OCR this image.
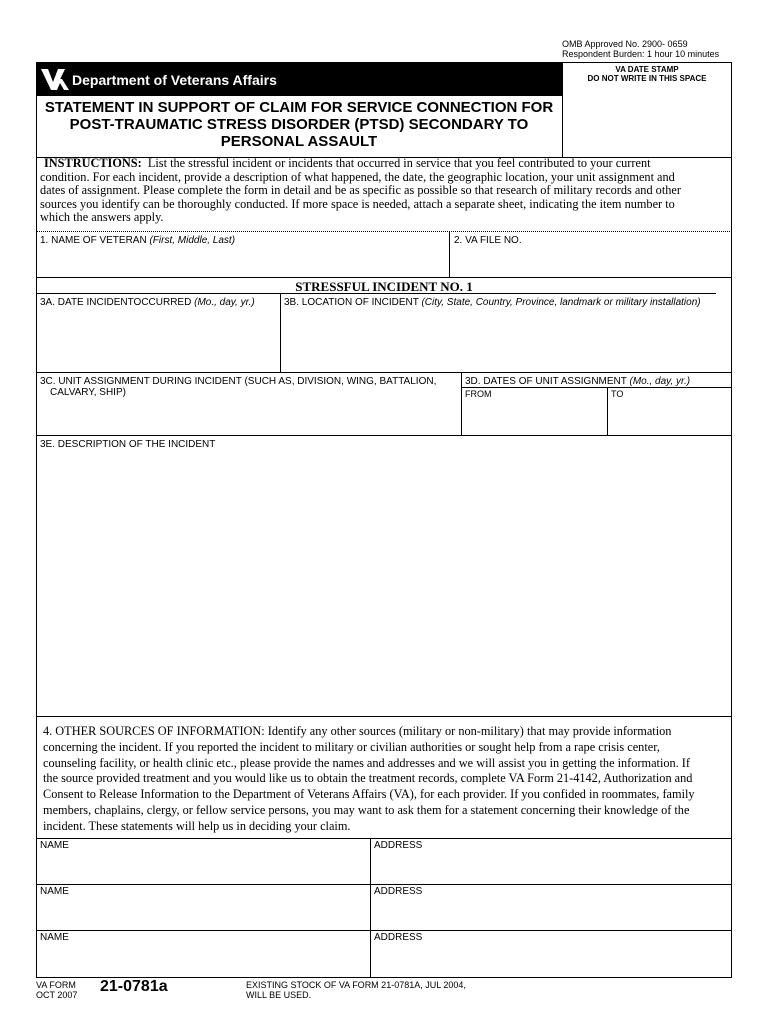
OMB Approved No. 2900- 0659
Respondent Burden: 1 hour 10 minutes
Department of Veterans Affairs
VA DATE STAMP
DO NOT WRITE IN THIS SPACE
STATEMENT IN SUPPORT OF CLAIM FOR SERVICE CONNECTION FOR
POST-TRAUMATIC STRESS DISORDER (PTSD) SECONDARY TO
PERSONAL ASSAULT
INSTRUCTIONS: List the stressful incident or incidents that occurred in service that you feel contributed to your current condition. For each incident, provide a description of what happened, the date, the geographic location, your unit assignment and dates of assignment. Please complete the form in detail and be as specific as possible so that research of military records and other sources you identify can be thoroughly conducted. If more space is needed, attach a separate sheet, indicating the item number to which the answers apply.
1. NAME OF VETERAN (First, Middle, Last)	2. VA FILE NO.
STRESSFUL INCIDENT NO. 1
3A. DATE INCIDENTOCCURRED (Mo., day, yr.)	3B. LOCATION OF INCIDENT (City, State, Country, Province, landmark or military installation)
3C. UNIT ASSIGNMENT DURING INCIDENT (SUCH AS, DIVISION, WING, BATTALION,
CALVARY, SHIP)
3D. DATES OF UNIT ASSIGNMENT (Mo., day, yr.)
FROM	TO
3E. DESCRIPTION OF THE INCIDENT
4. OTHER SOURCES OF INFORMATION: Identify any other sources (military or non-military) that may provide information concerning the incident. If you reported the incident to military or civilian authorities or sought help from a rape crisis center, counseling facility, or health clinic etc., please provide the names and addresses and we will assist you in getting the information. If the source provided treatment and you would like us to obtain the treatment records, complete VA Form 21-4142, Authorization and Consent to Release Information to the Department of Veterans Affairs (VA), for each provider. If you confided in roommates, family members, chaplains, clergy, or fellow service persons, you may want to ask them for a statement concerning their knowledge of the incident. These statements will help us in deciding your claim.
NAME	ADDRESS
NAME	ADDRESS
NAME	ADDRESS
VA FORM
OCT 2007 21-0781a	EXISTING STOCK OF VA FORM 21-0781A, JUL 2004,
WILL BE USED.
